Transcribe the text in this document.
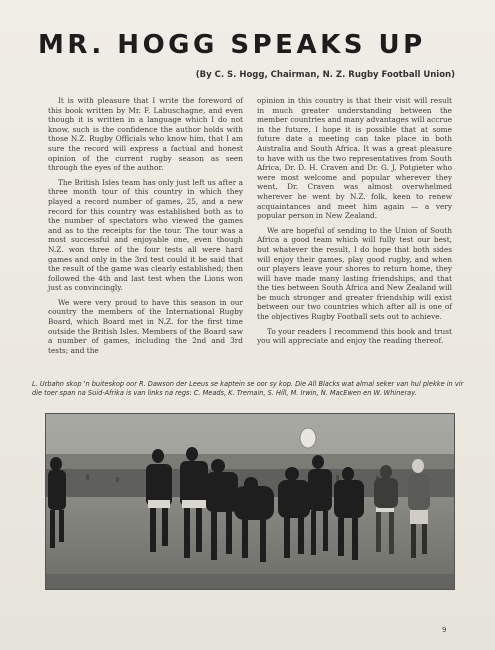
MR. HOGG SPEAKS UP
(By C. S. Hogg, Chairman, N. Z. Rugby Football Union)

It is with pleasure that I write the foreword of this book written by Mr. F. Labuschagne, and even though it is written in a language which I do not know, such is the confidence the author holds with those N.Z. Rugby Officials who know him, that I am sure the record will express a factual and honest opinion of the current rugby season as seen through the eyes of the author.

The British Isles team has only just left us after a three month tour of this country in which they played a record number of games, 25, and a new record for this country was established both as to the number of spectators who viewed the games and as to the receipts for the tour. The tour was a most successful and enjoyable one, even though N.Z. won three of the four tests all were hard games and only in the 3rd test could it be said that the result of the game was clearly established; then followed the 4th and last test when the Lions won just as convincingly.

We were very proud to have this season in our country the members of the International Rugby Board, which Board met in N.Z. for the first time outside the British Isles. Members of the Board saw a number of games, including the 2nd and 3rd tests; and the

opinion in this country is that their visit will result in much greater understanding between the member countries and many advantages will accrue in the future. I hope it is possible that at some future date a meeting can take place in both Australia and South Africa. It was a great pleasure to have with us the two representatives from South Africa, Dr. D. H. Craven and Dr. G. J. Potgieter who were most welcome and popular wherever they went. Dr. Craven was almost overwhelmed wherever he went by N.Z. folk, keen to renew acquaintances and meet him again — a very popular person in New Zealand.

We are hopeful of sending to the Union of South Africa a good team which will fully test our best, but whatever the result, I do hope that both sides will enjoy their games, play good rugby, and when our players leave your shores to return home, they will have made many lasting friendships, and that the ties between South Africa and New Zealand will be much stronger and greater friendship will exist between our two countries which after all is one of the objectives Rugby Football sets out to achieve.

To your readers I recommend this book and trust you will appreciate and enjoy the reading thereof.

L. Urbahn skop 'n buiteskop oor R. Dawson der Leeus se kaptein se oor sy kop. Die All Blacks wat almal seker van hul plekke in vir die toer span na Suid-Afrika is van links na regs: C. Meads, K. Tremain, S. Hill, M. Irwin, N. MacEwen en W. Whineray.
9
